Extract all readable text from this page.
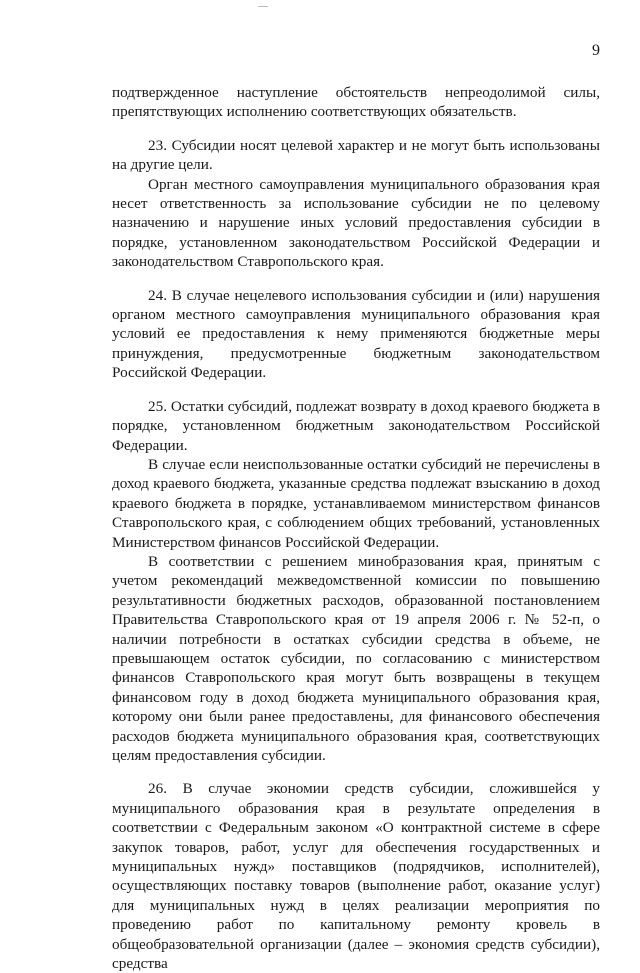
9

подтвержденное наступление обстоятельств непреодолимой силы, препятствующих исполнению соответствующих обязательств.

23. Субсидии носят целевой характер и не могут быть использованы на другие цели.

Орган местного самоуправления муниципального образования края несет ответственность за использование субсидии не по целевому назначению и нарушение иных условий предоставления субсидии в порядке, установленном законодательством Российской Федерации и законодательством Ставропольского края.

24. В случае нецелевого использования субсидии и (или) нарушения органом местного самоуправления муниципального образования края условий ее предоставления к нему применяются бюджетные меры принуждения, предусмотренные бюджетным законодательством Российской Федерации.

25. Остатки субсидий, подлежат возврату в доход краевого бюджета в порядке, установленном бюджетным законодательством Российской Федерации.

В случае если неиспользованные остатки субсидий не перечислены в доход краевого бюджета, указанные средства подлежат взысканию в доход краевого бюджета в порядке, устанавливаемом министерством финансов Ставропольского края, с соблюдением общих требований, установленных Министерством финансов Российской Федерации.

В соответствии с решением минобразования края, принятым с учетом рекомендаций межведомственной комиссии по повышению результативности бюджетных расходов, образованной постановлением Правительства Ставропольского края от 19 апреля 2006 г. № 52-п, о наличии потребности в остатках субсидии средства в объеме, не превышающем остаток субсидии, по согласованию с министерством финансов Ставропольского края могут быть возвращены в текущем финансовом году в доход бюджета муниципального образования края, которому они были ранее предоставлены, для финансового обеспечения расходов бюджета муниципального образования края, соответствующих целям предоставления субсидии.

26. В случае экономии средств субсидии, сложившейся у муниципального образования края в результате определения в соответствии с Федеральным законом «О контрактной системе в сфере закупок товаров, работ, услуг для обеспечения государственных и муниципальных нужд» поставщиков (подрядчиков, исполнителей), осуществляющих поставку товаров (выполнение работ, оказание услуг) для муниципальных нужд в целях реализации мероприятия по проведению работ по капитальному ремонту кровель в общеобразовательной организации (далее – экономия средств субсидии), средства
